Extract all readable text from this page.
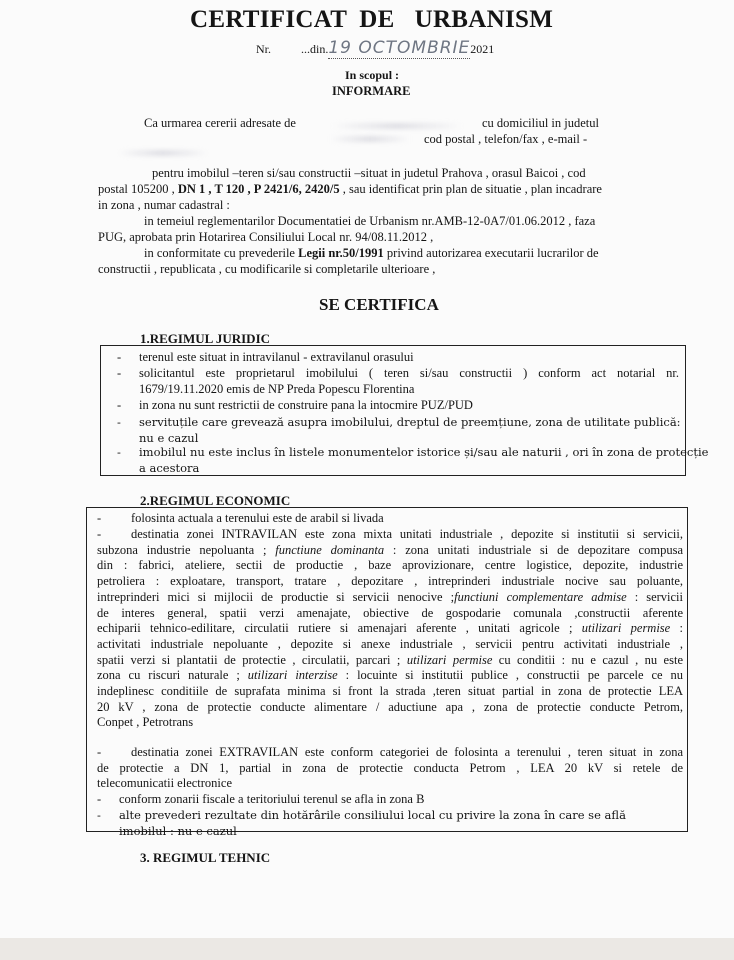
CERTIFICAT DE URBANISM
Nr.	...din.19 OCTOMBRIE2021
In scopul :
INFORMARE
Ca urmarea cererii adresate de	cu domiciliul in judetul
cod postal , telefon/fax , e-mail -
pentru imobilul –teren si/sau constructii –situat in judetul Prahova , orasul Baicoi , cod
postal 105200 , DN 1 , T 120 , P 2421/6, 2420/5 , sau identificat prin plan de situatie , plan incadrare
in zona , numar cadastral :
in temeiul reglementarilor Documentatiei de Urbanism nr.AMB-12-0A7/01.06.2012 , faza
PUG, aprobata prin Hotarirea Consiliului Local nr. 94/08.11.2012 ,
in conformitate cu prevederile Legii nr.50/1991 privind autorizarea executarii lucrarilor de
constructii , republicata , cu modificarile si completarile ulterioare ,
SE CERTIFICA
1.REGIMUL JURIDIC
- terenul este situat in intravilanul - extravilanul orasului
- solicitantul este proprietarul imobilului ( teren si/sau constructii ) conform act notarial nr.
1679/19.11.2020 emis de NP Preda Popescu Florentina
- in zona nu sunt restrictii de construire pana la intocmire PUZ/PUD
- servituțile care grevează asupra imobilului, dreptul de preemțiune, zona de utilitate publică:
nu e cazul
- imobilul nu este inclus în listele monumentelor istorice și/sau ale naturii , ori în zona de protecție
a acestora
2.REGIMUL ECONOMIC
- folosinta actuala a terenului este de arabil si livada
- destinatia zonei INTRAVILAN este zona mixta unitati industriale , depozite si institutii si servicii,
subzona industrie nepoluanta ; functiune dominanta : zona unitati industriale si de depozitare compusa
din : fabrici, ateliere, sectii de productie , baze aprovizionare, centre logistice, depozite, industrie
petroliera : exploatare, transport, tratare , depozitare , intreprinderi industriale nocive sau poluante,
intreprinderi mici si mijlocii de productie si servicii nenocive ;functiuni complementare admise : servicii
de interes general, spatii verzi amenajate, obiective de gospodarie comunala ,constructii aferente
echiparii tehnico-edilitare, circulatii rutiere si amenajari aferente , unitati agricole ; utilizari permise :
activitati industriale nepoluante , depozite si anexe industriale , servicii pentru activitati industriale ,
spatii verzi si plantatii de protectie , circulatii, parcari ; utilizari permise cu conditii : nu e cazul , nu este
zona cu riscuri naturale ; utilizari interzise : locuinte si institutii publice , constructii pe parcele ce nu
indeplinesc conditiile de suprafata minima si front la strada ,teren situat partial in zona de protectie LEA
20 kV , zona de protectie conducte alimentare / aductiune apa , zona de protectie conducte Petrom,
Conpet , Petrotrans
- destinatia zonei EXTRAVILAN este conform categoriei de folosinta a terenului , teren situat in zona
de protectie a DN 1, partial in zona de protectie conducta Petrom , LEA 20 kV si retele de
telecomunicatii electronice
- conform zonarii fiscale a teritoriului terenul se afla in zona B
- alte prevederi rezultate din hotărârile consiliului local cu privire la zona în care se află
imobilul : nu e cazul
3. REGIMUL TEHNIC
